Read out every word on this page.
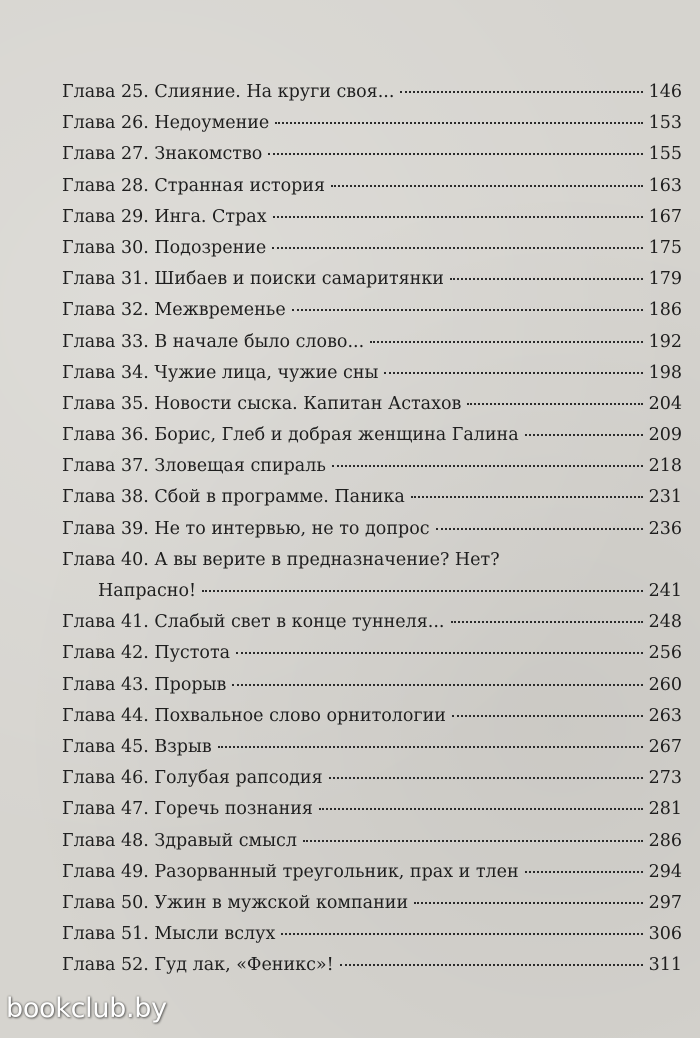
Глава 25. Слияние. На круги своя...	146
Глава 26. Недоумение	153
Глава 27. Знакомство	155
Глава 28. Странная история	163
Глава 29. Инга. Страх	167
Глава 30. Подозрение	175
Глава 31. Шибаев и поиски самаритянки	179
Глава 32. Межвременье	186
Глава 33. В начале было слово...	192
Глава 34. Чужие лица, чужие сны	198
Глава 35. Новости сыска. Капитан Астахов	204
Глава 36. Борис, Глеб и добрая женщина Галина	209
Глава 37. Зловещая спираль	218
Глава 38. Сбой в программе. Паника	231
Глава 39. Не то интервью, не то допрос	236
Глава 40. А вы верите в предназначение? Нет?
Напрасно!	241
Глава 41. Слабый свет в конце туннеля...	248
Глава 42. Пустота	256
Глава 43. Прорыв	260
Глава 44. Похвальное слово орнитологии	263
Глава 45. Взрыв	267
Глава 46. Голубая рапсодия	273
Глава 47. Горечь познания	281
Глава 48. Здравый смысл	286
Глава 49. Разорванный треугольник, прах и тлен	294
Глава 50. Ужин в мужской компании	297
Глава 51. Мысли вслух	306
Глава 52. Гуд лак, «Феникс»!	311
bookclub.by
